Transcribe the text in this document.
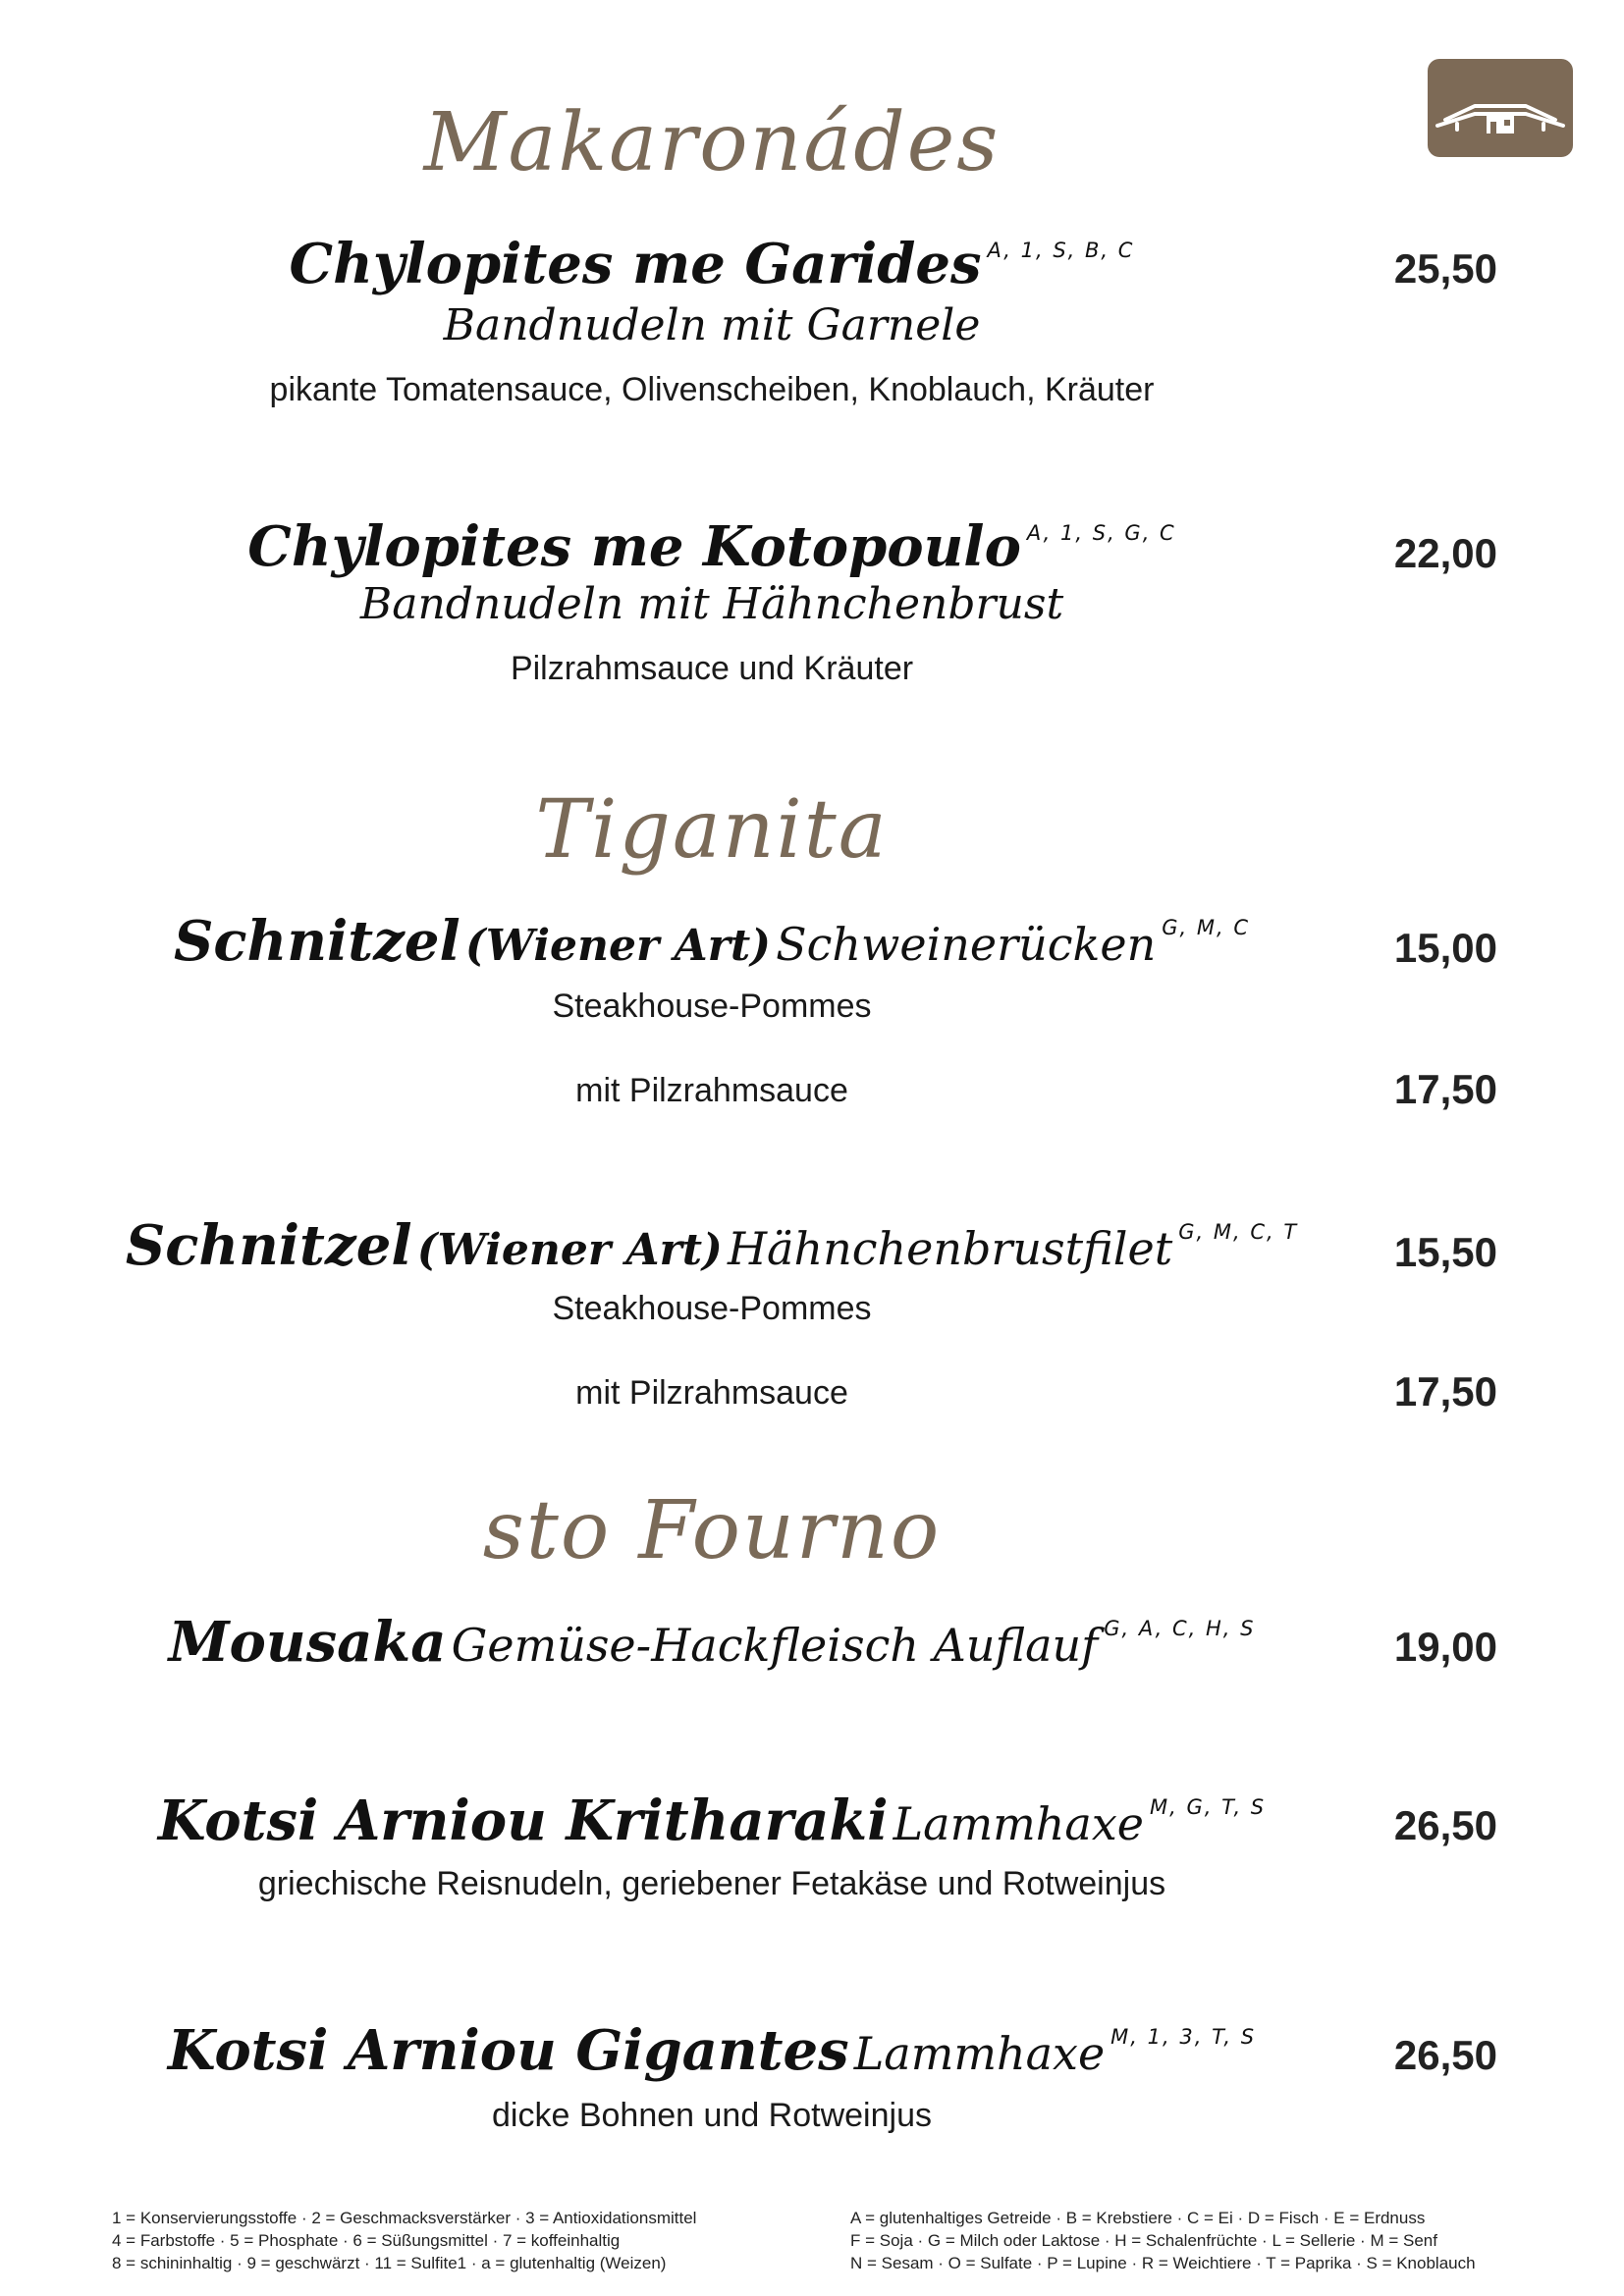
Makaronádes
Chylopites me Garides A, 1, S, B, C
Bandnudeln mit Garnele
pikante Tomatensauce, Olivenscheiben, Knoblauch, Kräuter
25,50
Chylopites me Kotopoulo A, 1, S, G, C
Bandnudeln mit Hähnchenbrust
Pilzrahmsauce und Kräuter
22,00
Tiganita
Schnitzel (Wiener Art) Schweinerücken G, M, C
Steakhouse-Pommes
15,00
mit Pilzrahmsauce	17,50
Schnitzel (Wiener Art) Hähnchenbrustfilet G, M, C, T
Steakhouse-Pommes
15,50
mit Pilzrahmsauce	17,50
sto Fourno
Mousaka Gemüse-Hackfleisch Auflauf G, A, C, H, S	19,00
Kotsi Arniou Kritharaki Lammhaxe M, G, T, S
griechische Reisnudeln, geriebener Fetakäse und Rotweinjus
26,50
Kotsi Arniou Gigantes Lammhaxe M, 1, 3, T, S
dicke Bohnen und Rotweinjus
26,50
1 = Konservierungsstoffe · 2 = Geschmacksverstärker · 3 = Antioxidationsmittel
4 = Farbstoffe · 5 = Phosphate · 6 = Süßungsmittel · 7 = koffeinhaltig
8 = schininhaltig · 9 = geschwärzt · 11 = Sulfite1 · a = glutenhaltig (Weizen)
A = glutenhaltiges Getreide · B = Krebstiere · C = Ei · D = Fisch · E = Erdnuss
F = Soja · G = Milch oder Laktose · H = Schalenfrüchte · L = Sellerie · M = Senf
N = Sesam · O = Sulfate · P = Lupine · R = Weichtiere · T = Paprika · S = Knoblauch
